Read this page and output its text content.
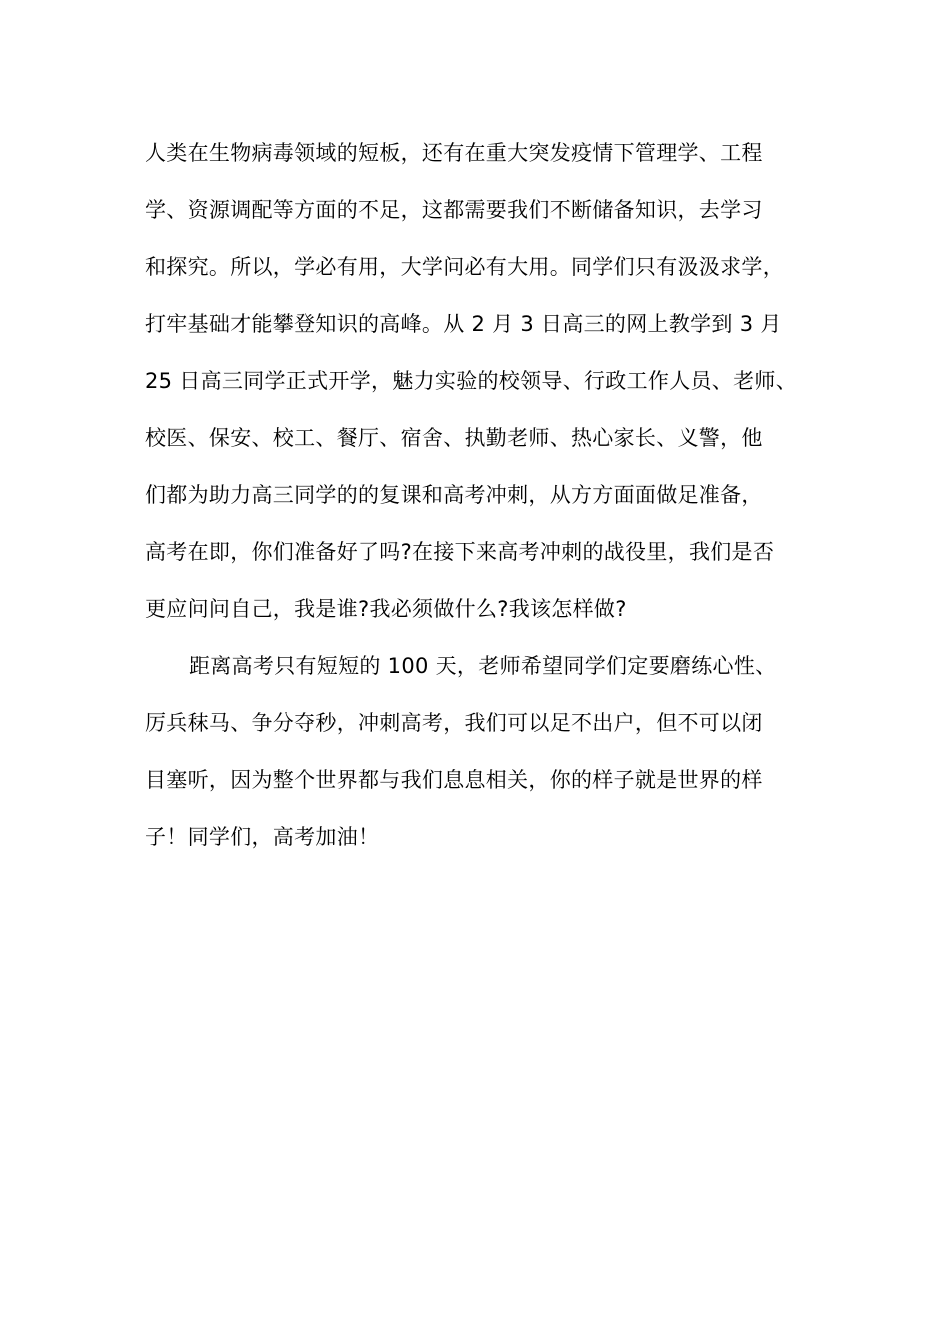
人类在生物病毒领域的短板，还有在重大突发疫情下管理学、工程
学、资源调配等方面的不足，这都需要我们不断储备知识，去学习
和探究。所以，学必有用，大学问必有大用。同学们只有汲汲求学，
打牢基础才能攀登知识的高峰。从 2 月 3 日高三的网上教学到 3 月
25 日高三同学正式开学，魅力实验的校领导、行政工作人员、老师、
校医、保安、校工、餐厅、宿舍、执勤老师、热心家长、义警，他
们都为助力高三同学的的复课和高考冲刺，从方方面面做足准备，
高考在即，你们准备好了吗?在接下来高考冲刺的战役里，我们是否
更应问问自己，我是谁?我必须做什么?我该怎样做?
距离高考只有短短的 100 天，老师希望同学们定要磨练心性、
厉兵秣马、争分夺秒，冲刺高考，我们可以足不出户，但不可以闭
目塞听，因为整个世界都与我们息息相关，你的样子就是世界的样
子！同学们，高考加油！
